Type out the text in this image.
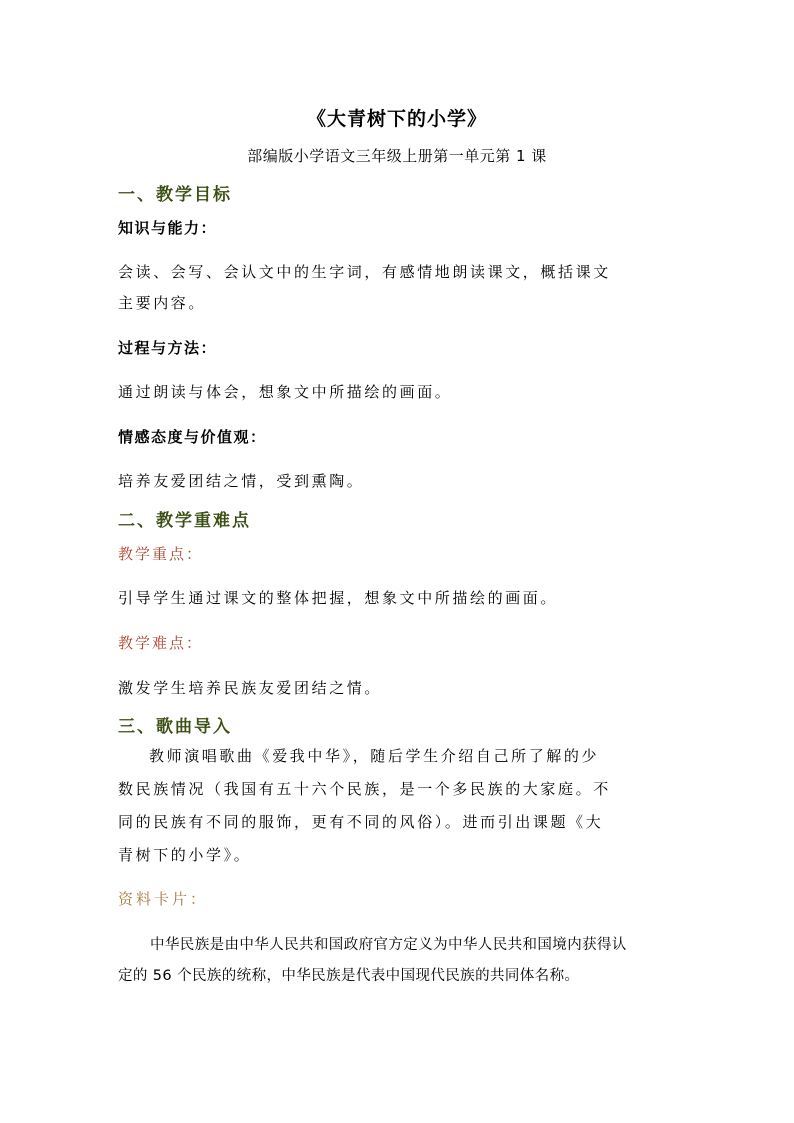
《大青树下的小学》
部编版小学语文三年级上册第一单元第 1 课
一、教学目标
知识与能力：
会读、会写、会认文中的生字词，有感情地朗读课文，概括课文
主要内容。
过程与方法：
通过朗读与体会，想象文中所描绘的画面。
情感态度与价值观：
培养友爱团结之情，受到熏陶。
二、教学重难点
教学重点：
引导学生通过课文的整体把握，想象文中所描绘的画面。
教学难点：
激发学生培养民族友爱团结之情。
三、歌曲导入
教师演唱歌曲《爱我中华》，随后学生介绍自己所了解的少
数民族情况（我国有五十六个民族，是一个多民族的大家庭。不
同的民族有不同的服饰，更有不同的风俗）。进而引出课题《大
青树下的小学》。
资料卡片：
中华民族是由中华人民共和国政府官方定义为中华人民共和国境内获得认
定的 56 个民族的统称，中华民族是代表中国现代民族的共同体名称。
